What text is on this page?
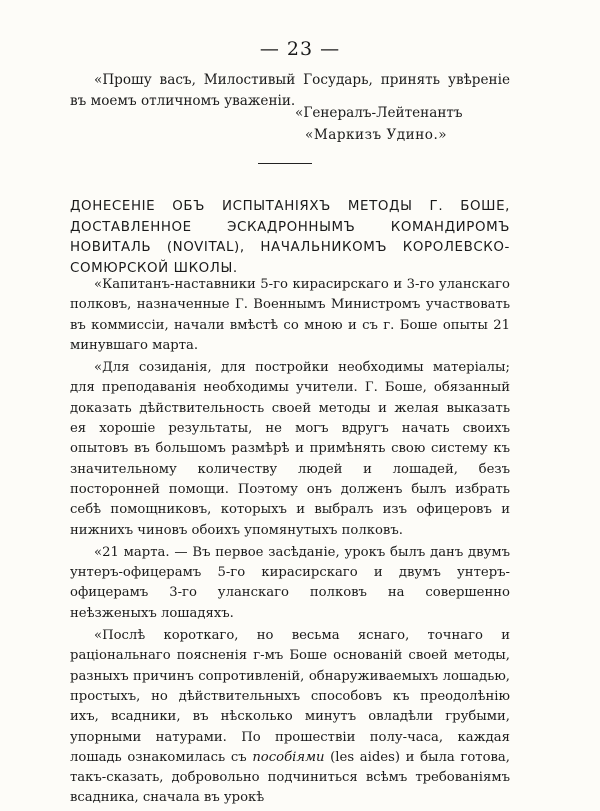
— 23 —

«Прошу васъ, Милостивый Государь, принять увѣреніе въ моемъ отличномъ уваженіи.

«Генералъ-Лейтенантъ
«Маркизъ Удино.»
ДОНЕСЕНІЕ ОБЪ ИСПЫТАНІЯХЪ МЕТОДЫ Г. БОШЕ, ДОСТАВЛЕННОЕ ЭСКАДРОННЫМЪ КОМАНДИРОМЪ НОВИТАЛЬ (NOVITAL), НАЧАЛЬНИКОМЪ КОРОЛЕВСКО-СОМЮРСКОЙ ШКОЛЫ.

«Капитанъ-наставники 5-го кирасирскаго и 3-го уланскаго полковъ, назначенные Г. Военнымъ Министромъ участвовать въ коммиссіи, начали вмѣстѣ со мною и съ г. Боше опыты 21 минувшаго марта.

«Для созиданія, для постройки необходимы матеріалы; для преподаванія необходимы учители. Г. Боше, обязанный доказать дѣйствительность своей методы и желая выказать ея хорошіе результаты, не могъ вдругъ начать своихъ опытовъ въ большомъ размѣрѣ и примѣнять свою систему къ значительному количеству людей и лошадей, безъ посторонней помощи. Поэтому онъ долженъ былъ избрать себѣ помощниковъ, которыхъ и выбралъ изъ офицеровъ и нижнихъ чиновъ обоихъ упомянутыхъ полковъ.

«21 марта. — Въ первое засѣданіе, урокъ былъ данъ двумъ унтеръ-офицерамъ 5-го кирасирскаго и двумъ унтеръ-офицерамъ 3-го уланскаго полковъ на совершенно неѣзженыхъ лошадяхъ.

«Послѣ короткаго, но весьма яснаго, точнаго и раціональнаго поясненія г-мъ Боше основаній своей методы, разныхъ причинъ сопротивленій, обнаруживаемыхъ лошадью, простыхъ, но дѣйствительныхъ способовъ къ преодолѣнію ихъ, всадники, въ нѣсколько минутъ овладѣли грубыми, упорными натурами. По прошествіи полу-часа, каждая лошадь ознакомилась съ пособіями (les aides) и была готова, такъ-сказать, добровольно подчиниться всѣмъ требованіямъ всадника, сначала въ урокѣ
